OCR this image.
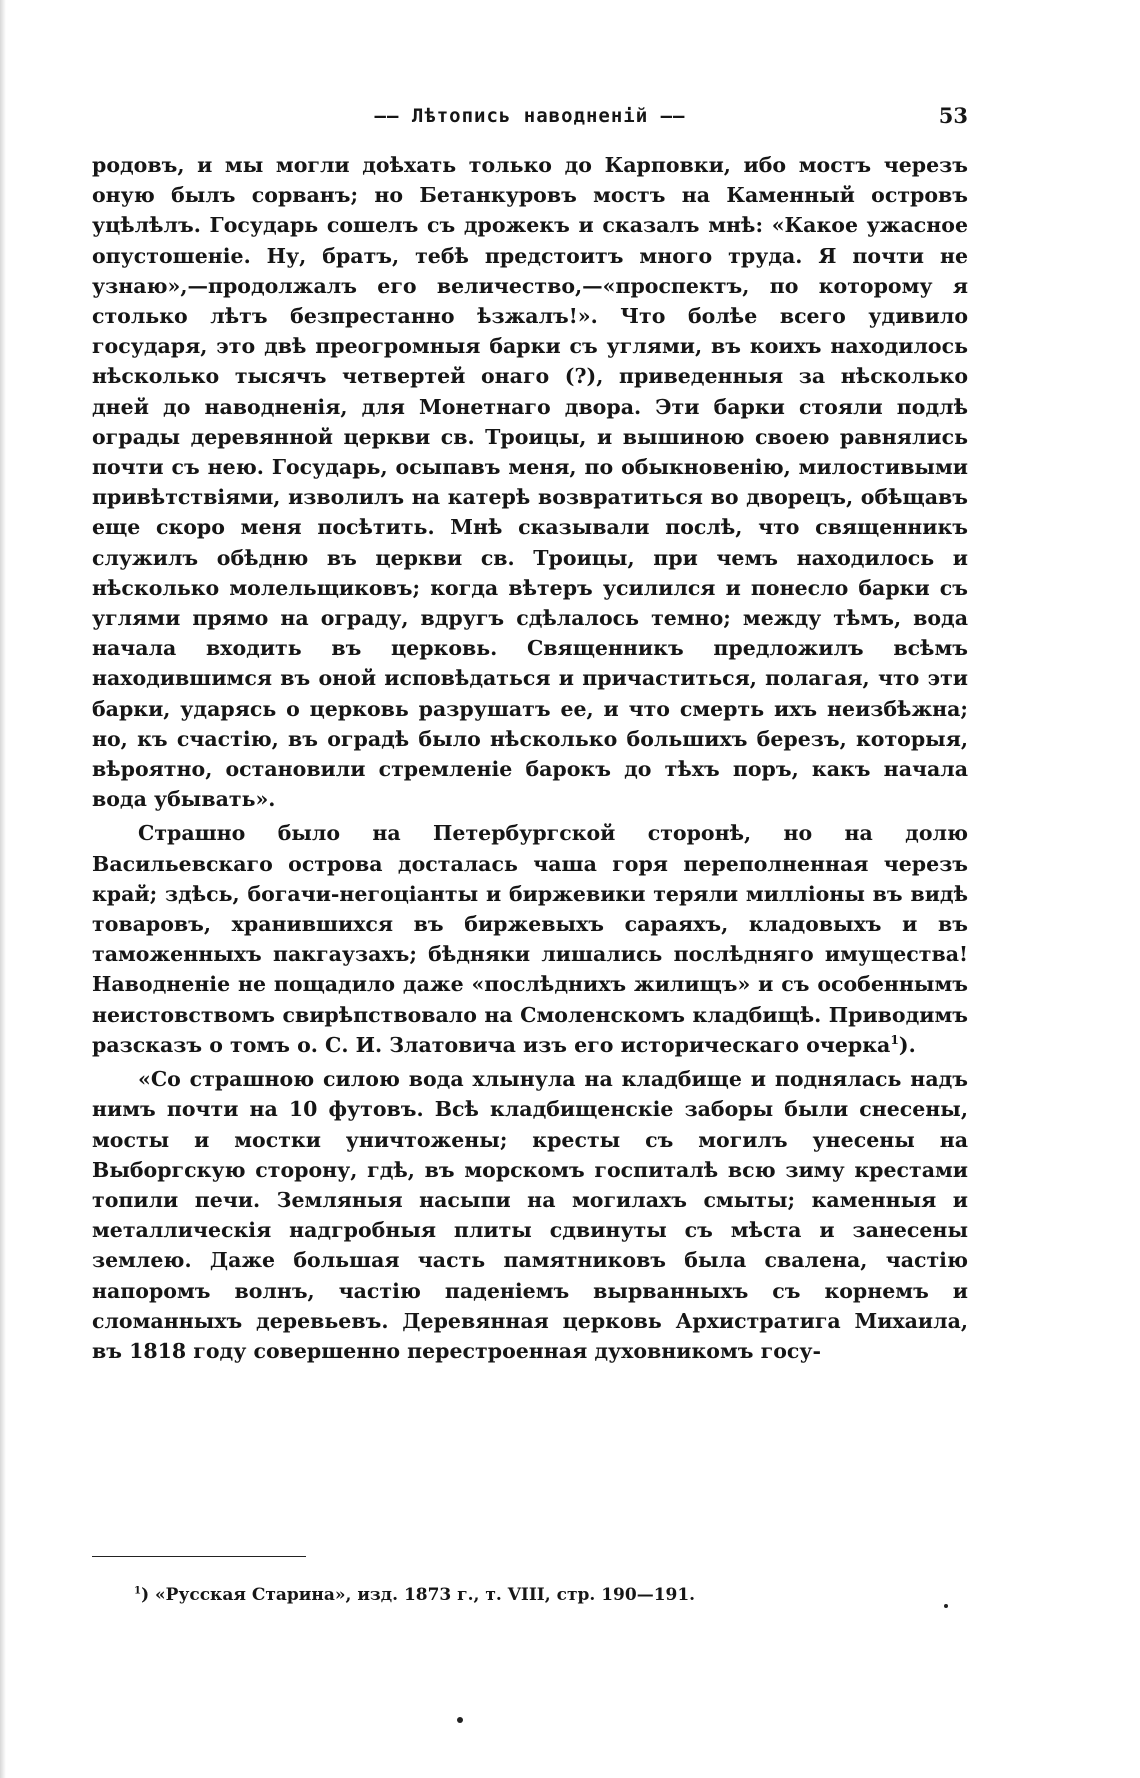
—— Лѣтопись наводненій ——	53

родовъ, и мы могли доѣхать только до Карповки, ибо мостъ черезъ оную былъ сорванъ; но Бетанкуровъ мостъ на Каменный островъ уцѣлѣлъ. Государь сошелъ съ дрожекъ и сказалъ мнѣ: «Какое ужасное опустошеніе. Ну, братъ, тебѣ предстоитъ много труда. Я почти не узнаю»,—продолжалъ его величество,—«проспектъ, по которому я столько лѣтъ безпрестанно ѣзжалъ!». Что болѣе всего удивило государя, это двѣ преогромныя барки съ углями, въ коихъ находилось нѣсколько тысячъ четвертей онаго (?), приведенныя за нѣсколько дней до наводненія, для Монетнаго двора. Эти барки стояли подлѣ ограды деревянной церкви св. Троицы, и вышиною своею равнялись почти съ нею. Государь, осыпавъ меня, по обыкновенію, милостивыми привѣтствіями, изволилъ на катерѣ возвратиться во дворецъ, обѣщавъ еще скоро меня посѣтить. Мнѣ сказывали послѣ, что священникъ служилъ обѣдню въ церкви св. Троицы, при чемъ находилось и нѣсколько молельщиковъ; когда вѣтеръ усилился и понесло барки съ углями прямо на ограду, вдругъ сдѣлалось темно; между тѣмъ, вода начала входить въ церковь. Священникъ предложилъ всѣмъ находившимся въ оной исповѣдаться и причаститься, полагая, что эти барки, ударясь о церковь разрушатъ ее, и что смерть ихъ неизбѣжна; но, къ счастію, въ оградѣ было нѣсколько большихъ березъ, которыя, вѣроятно, остановили стремленіе барокъ до тѣхъ поръ, какъ начала вода убывать».

Страшно было на Петербургской сторонѣ, но на долю Васильевскаго острова досталась чаша горя переполненная черезъ край; здѣсь, богачи-негоціанты и биржевики теряли милліоны въ видѣ товаровъ, хранившихся въ биржевыхъ сараяхъ, кладовыхъ и въ таможенныхъ пакгаузахъ; бѣдняки лишались послѣдняго имущества! Наводненіе не пощадило даже «послѣднихъ жилищъ» и съ особеннымъ неистовствомъ свирѣпствовало на Смоленскомъ кладбищѣ. Приводимъ разсказъ о томъ о. С. И. Златовича изъ его историческаго очерка$^1$).

«Со страшною силою вода хлынула на кладбище и поднялась надъ нимъ почти на 10 футовъ. Всѣ кладбищенскіе заборы были снесены, мосты и мостки уничтожены; кресты съ могилъ унесены на Выборгскую сторону, гдѣ, въ морскомъ госпиталѣ всю зиму крестами топили печи. Земляныя насыпи на могилахъ смыты; каменныя и металлическія надгробныя плиты сдвинуты съ мѣста и занесены землею. Даже большая часть памятниковъ была свалена, частію напоромъ волнъ, частію паденіемъ вырванныхъ съ корнемъ и сломанныхъ деревьевъ. Деревянная церковь Архистратига Михаила, въ 1818 году совершенно перестроенная духовникомъ госу-

$^1$) «Русская Старина», изд. 1873 г., т. VIII, стр. 190—191.
